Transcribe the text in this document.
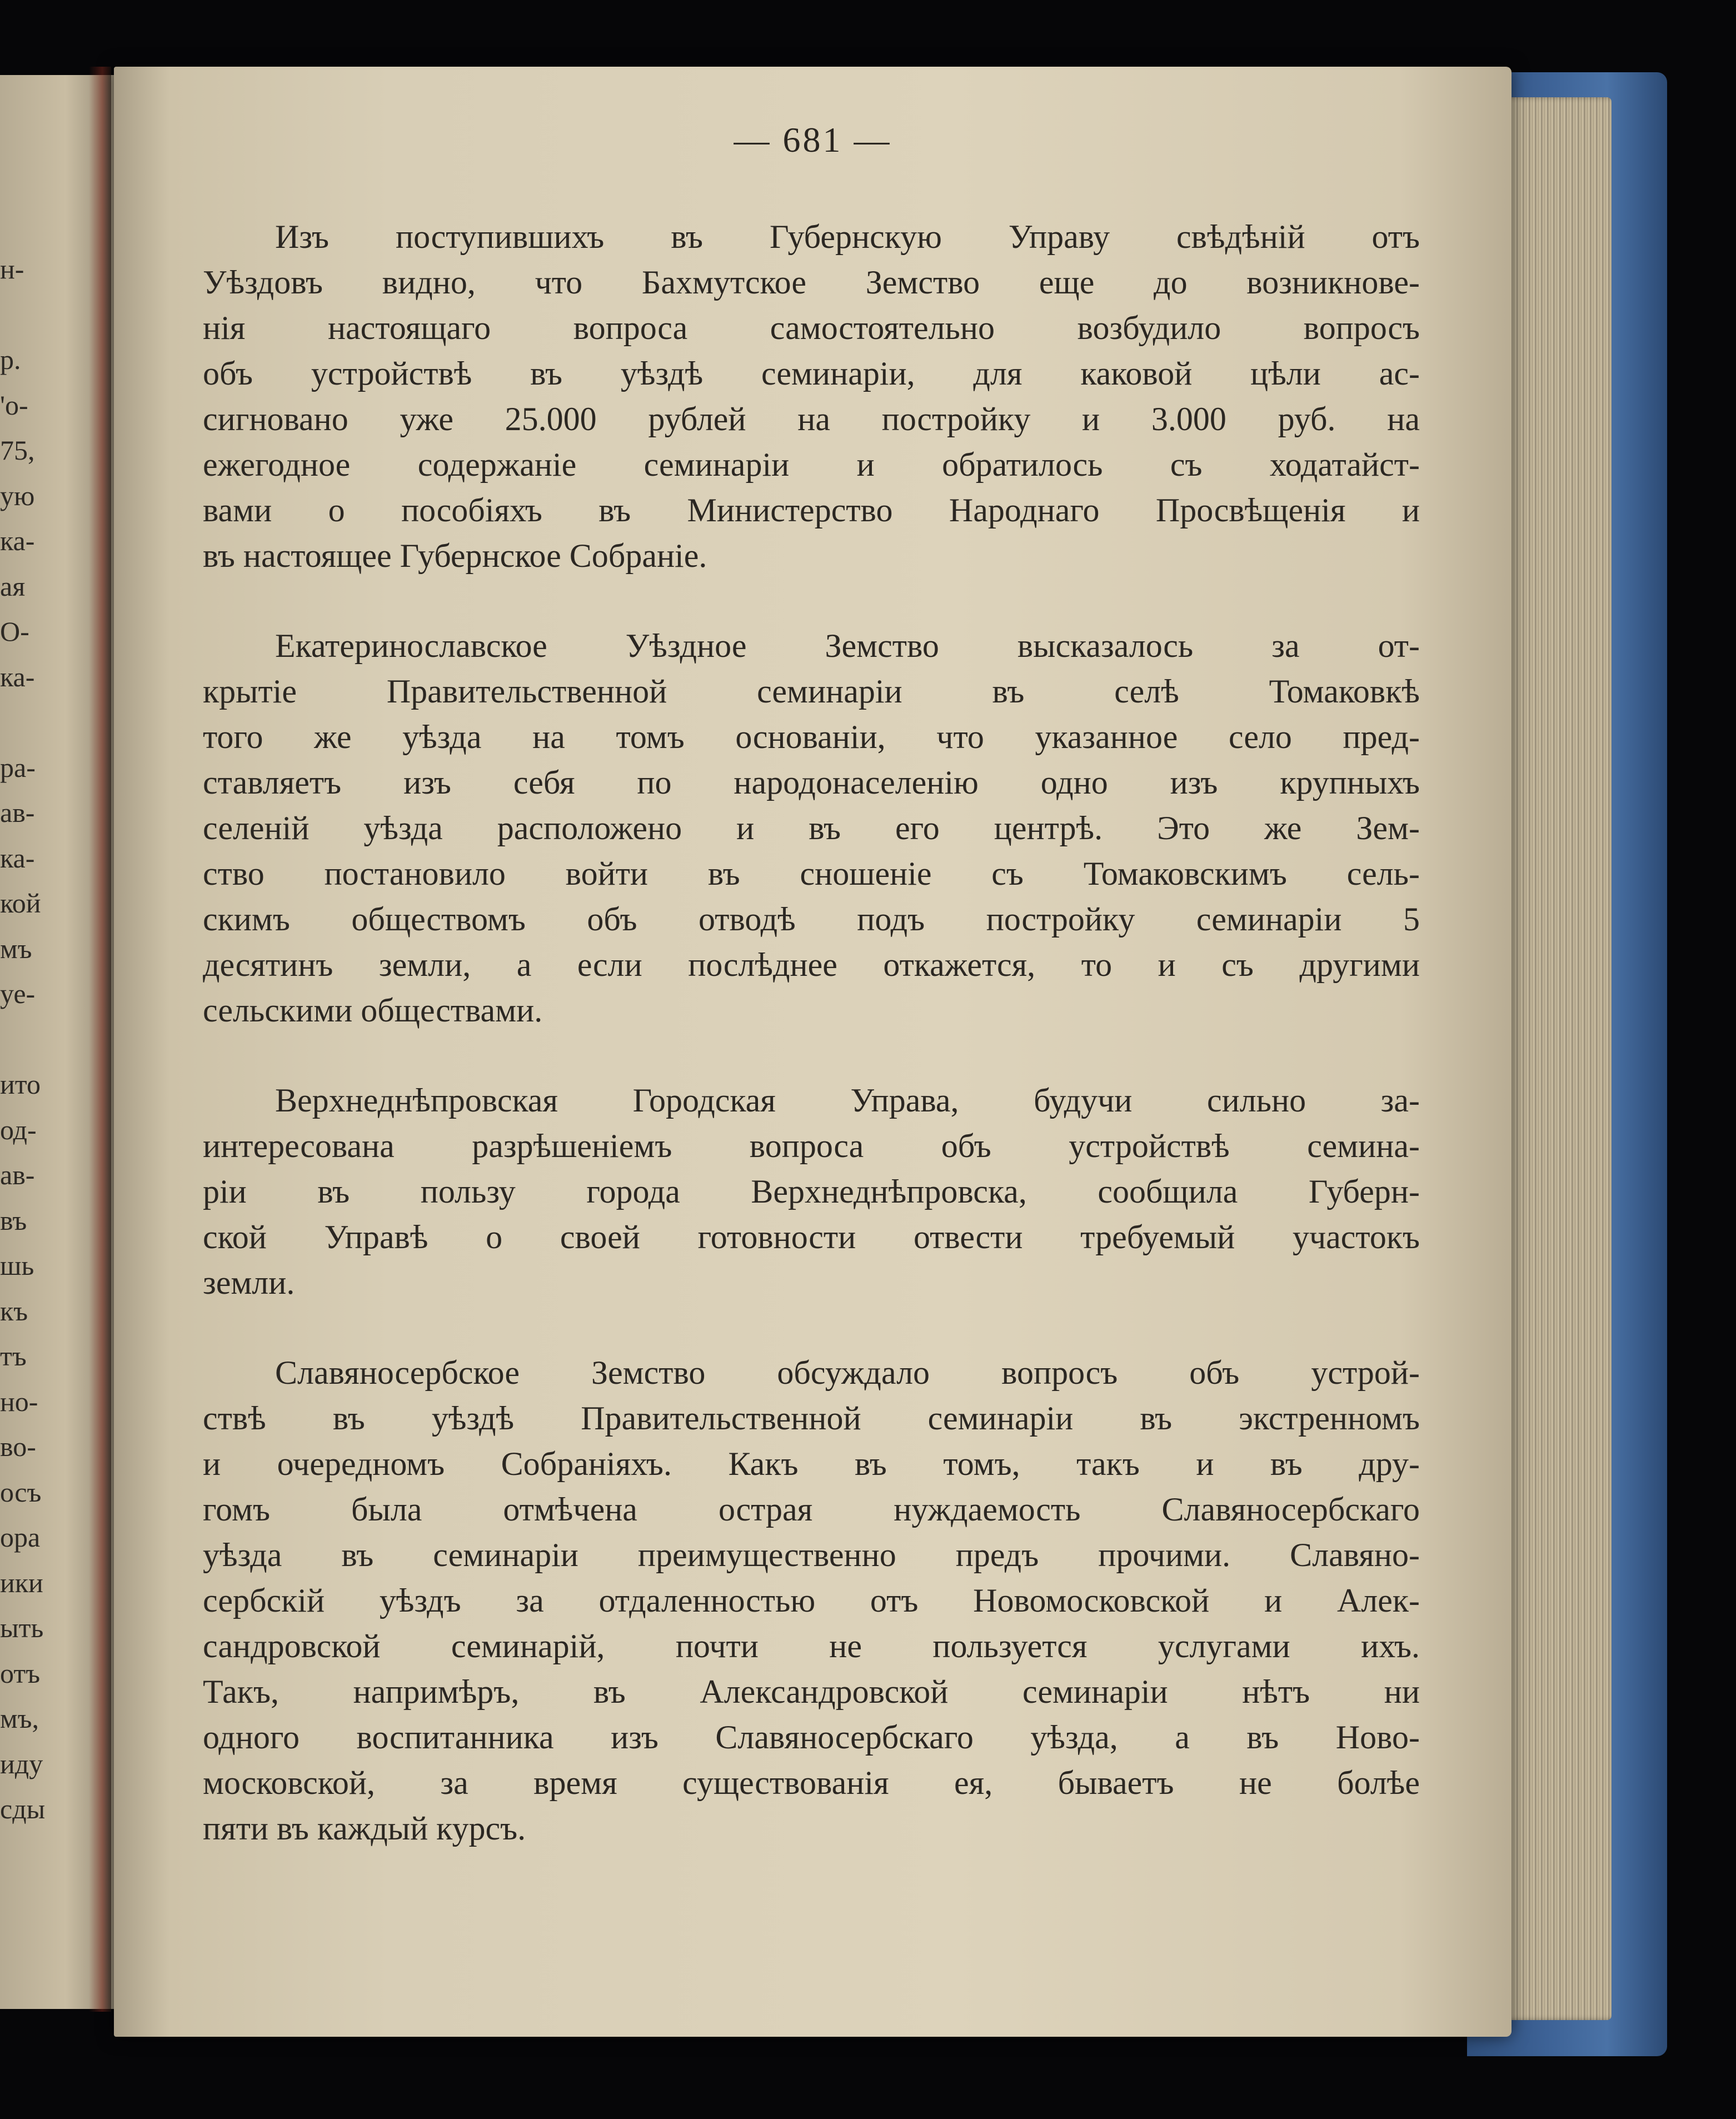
н-
р.
'о-
75,
ую
ка-
ая
О-
ка-
ра-
ав-
ка-
кой
мъ
уе-
ито
од-
ав-
въ
шь
къ
тъ
но-
во-
осъ
ора
ики
ыть
отъ
мъ,
иду
сды
— 681 —
Изъ поступившихъ въ Губернскую Управу свѣдѣній отъ
Уѣздовъ видно, что Бахмутское Земство еще до возникнове-
нія настоящаго вопроса самостоятельно возбудило вопросъ
объ устройствѣ въ уѣздѣ семинаріи, для каковой цѣли ас-
сигновано уже 25.000 рублей на постройку и 3.000 руб. на
ежегодное содержаніе семинаріи и обратилось съ ходатайст-
вами о пособіяхъ въ Министерство Народнаго Просвѣщенія и
въ настоящее Губернское Собраніе.
Екатеринославское Уѣздное Земство высказалось за от-
крытіе Правительственной семинаріи въ селѣ Томаковкѣ
того же уѣзда на томъ основаніи, что указанное село пред-
ставляетъ изъ себя по народонаселенію одно изъ крупныхъ
селеній уѣзда расположено и въ его центрѣ. Это же Зем-
ство постановило войти въ сношеніе съ Томаковскимъ сель-
скимъ обществомъ объ отводѣ подъ постройку семинаріи 5
десятинъ земли, а если послѣднее откажется, то и съ другими
сельскими обществами.
Верхнеднѣпровская Городская Управа, будучи сильно за-
интересована разрѣшеніемъ вопроса объ устройствѣ семина-
ріи въ пользу города Верхнеднѣпровска, сообщила Губерн-
ской Управѣ о своей готовности отвести требуемый участокъ
земли.
Славяносербское Земство обсуждало вопросъ объ устрой-
ствѣ въ уѣздѣ Правительственной семинаріи въ экстренномъ
и очередномъ Собраніяхъ. Какъ въ томъ, такъ и въ дру-
гомъ была отмѣчена острая нуждаемость Славяносербскаго
уѣзда въ семинаріи преимущественно предъ прочими. Славяно-
сербскій уѣздъ за отдаленностью отъ Новомосковской и Алек-
сандровской семинарій, почти не пользуется услугами ихъ.
Такъ, напримѣръ, въ Александровской семинаріи нѣтъ ни
одного воспитанника изъ Славяносербскаго уѣзда, а въ Ново-
московской, за время существованія ея, бываетъ не болѣе
пяти въ каждый курсъ.
